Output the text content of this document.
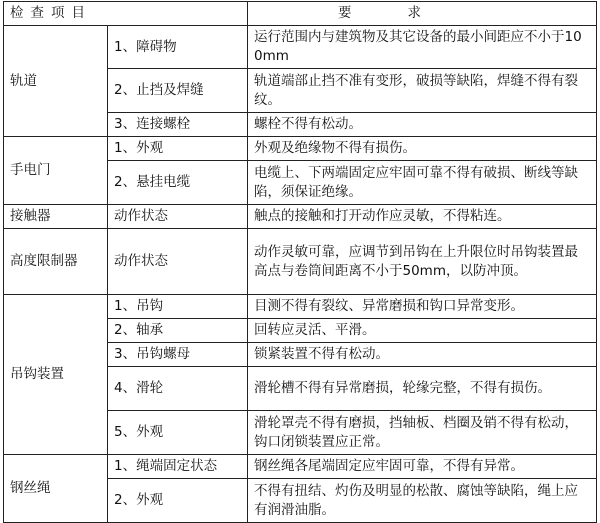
检查项目		要 求
轨道	1、障碍物	运行范围内与建筑物及其它设备的最小间距应不小于100mm
	2、止挡及焊缝	轨道端部止挡不准有变形，破损等缺陷，焊缝不得有裂纹。
	3、连接螺栓	螺栓不得有松动。
手电门	1、外观	外观及绝缘物不得有损伤。
	2、悬挂电缆	电缆上、下两端固定应牢固可靠不得有破损、断线等缺陷，须保证绝缘。
接触器	动作状态	触点的接触和打开动作应灵敏，不得粘连。
高度限制器	动作状态	动作灵敏可靠，应调节到吊钩在上升限位时吊钩装置最高点与卷筒间距离不小于50mm，以防冲顶。
吊钩装置	1、吊钩	目测不得有裂纹、异常磨损和钩口异常变形。
	2、轴承	回转应灵活、平滑。
	3、吊钩螺母	锁紧装置不得有松动。
	4、滑轮	滑轮槽不得有异常磨损，轮缘完整，不得有损伤。
	5、外观	滑轮罩壳不得有磨损，挡轴板、档圈及销不得有松动，钩口闭锁装置应正常。
钢丝绳	1、绳端固定状态	钢丝绳各尾端固定应牢固可靠，不得有异常。
	2、外观	不得有扭结、灼伤及明显的松散、腐蚀等缺陷，绳上应有润滑油脂。
